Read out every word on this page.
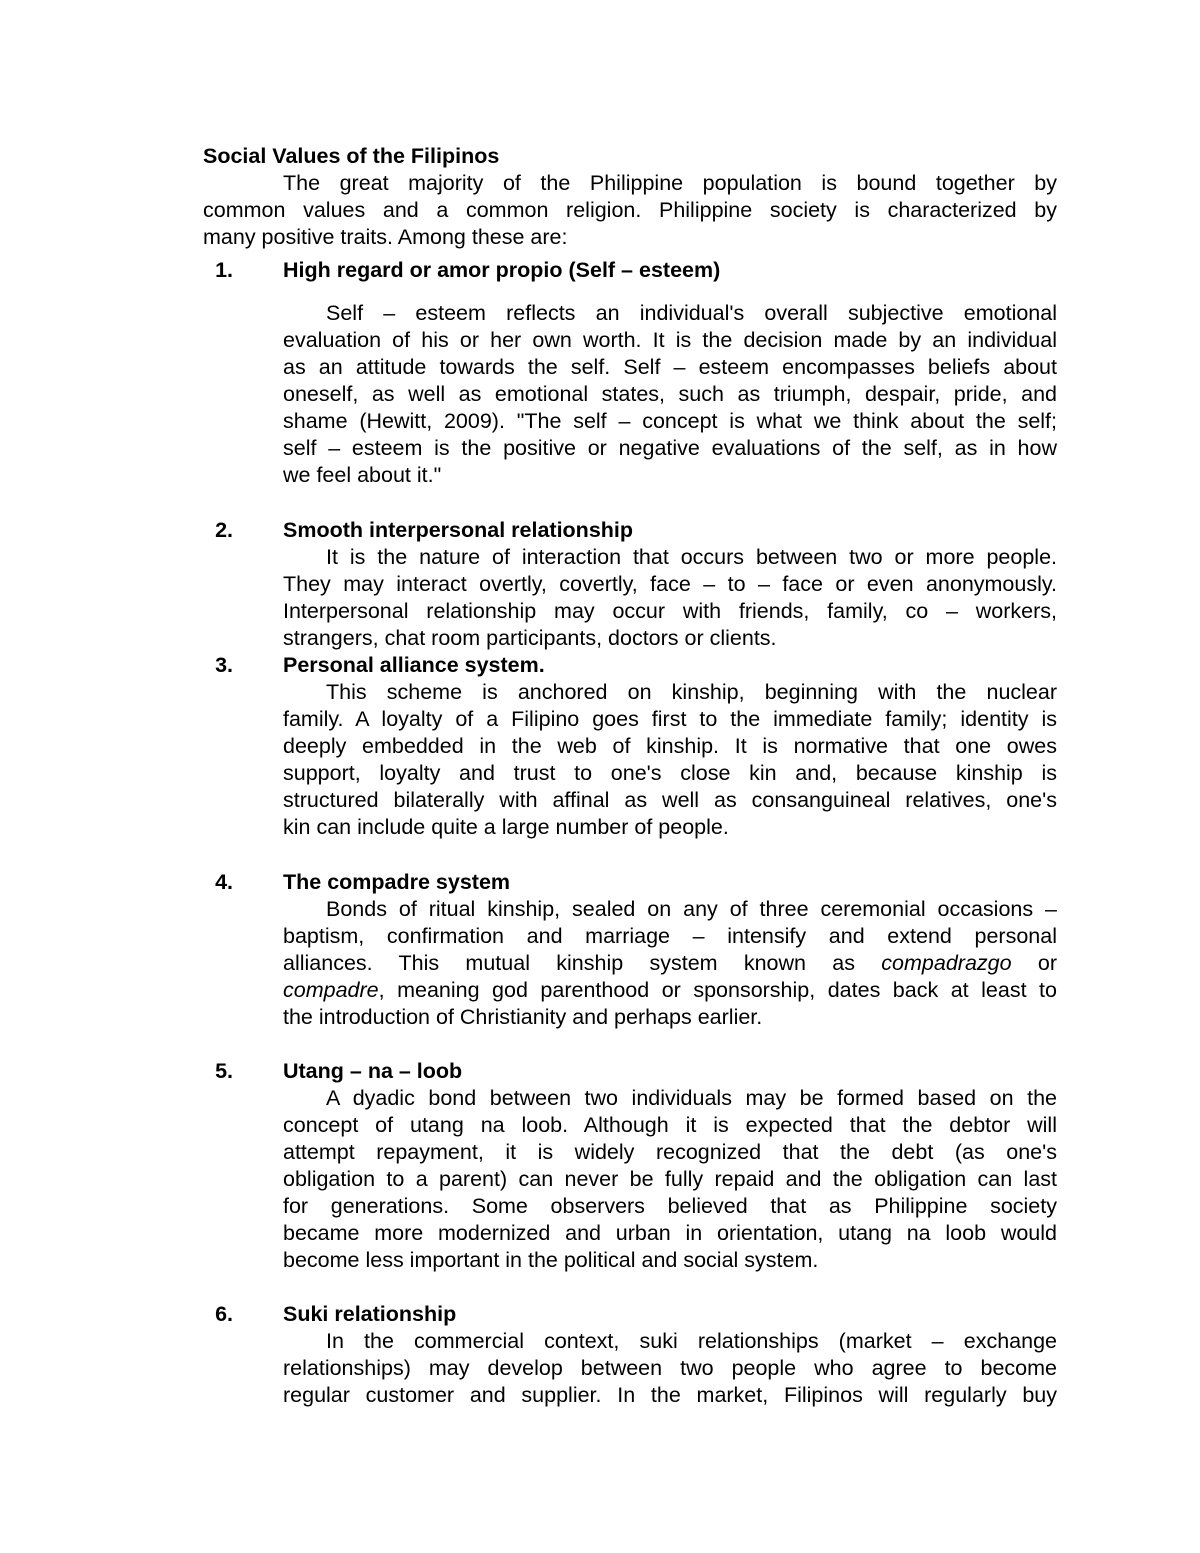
Social Values of the Filipinos
The great majority of the Philippine population is bound together by
common values and a common religion. Philippine society is characterized by
many positive traits. Among these are:
1. High regard or amor propio (Self – esteem)
Self – esteem reflects an individual's overall subjective emotional
evaluation of his or her own worth. It is the decision made by an individual
as an attitude towards the self. Self – esteem encompasses beliefs about
oneself, as well as emotional states, such as triumph, despair, pride, and
shame (Hewitt, 2009). "The self – concept is what we think about the self;
self – esteem is the positive or negative evaluations of the self, as in how
we feel about it."
2. Smooth interpersonal relationship
It is the nature of interaction that occurs between two or more people.
They may interact overtly, covertly, face – to – face or even anonymously.
Interpersonal relationship may occur with friends, family, co – workers,
strangers, chat room participants, doctors or clients.
3. Personal alliance system.
This scheme is anchored on kinship, beginning with the nuclear
family. A loyalty of a Filipino goes first to the immediate family; identity is
deeply embedded in the web of kinship. It is normative that one owes
support, loyalty and trust to one's close kin and, because kinship is
structured bilaterally with affinal as well as consanguineal relatives, one's
kin can include quite a large number of people.
4. The compadre system
Bonds of ritual kinship, sealed on any of three ceremonial occasions –
baptism, confirmation and marriage – intensify and extend personal
alliances. This mutual kinship system known as compadrazgo or
compadre, meaning god parenthood or sponsorship, dates back at least to
the introduction of Christianity and perhaps earlier.
5. Utang – na – loob
A dyadic bond between two individuals may be formed based on the
concept of utang na loob. Although it is expected that the debtor will
attempt repayment, it is widely recognized that the debt (as one's
obligation to a parent) can never be fully repaid and the obligation can last
for generations. Some observers believed that as Philippine society
became more modernized and urban in orientation, utang na loob would
become less important in the political and social system.
6. Suki relationship
In the commercial context, suki relationships (market – exchange
relationships) may develop between two people who agree to become
regular customer and supplier. In the market, Filipinos will regularly buy
